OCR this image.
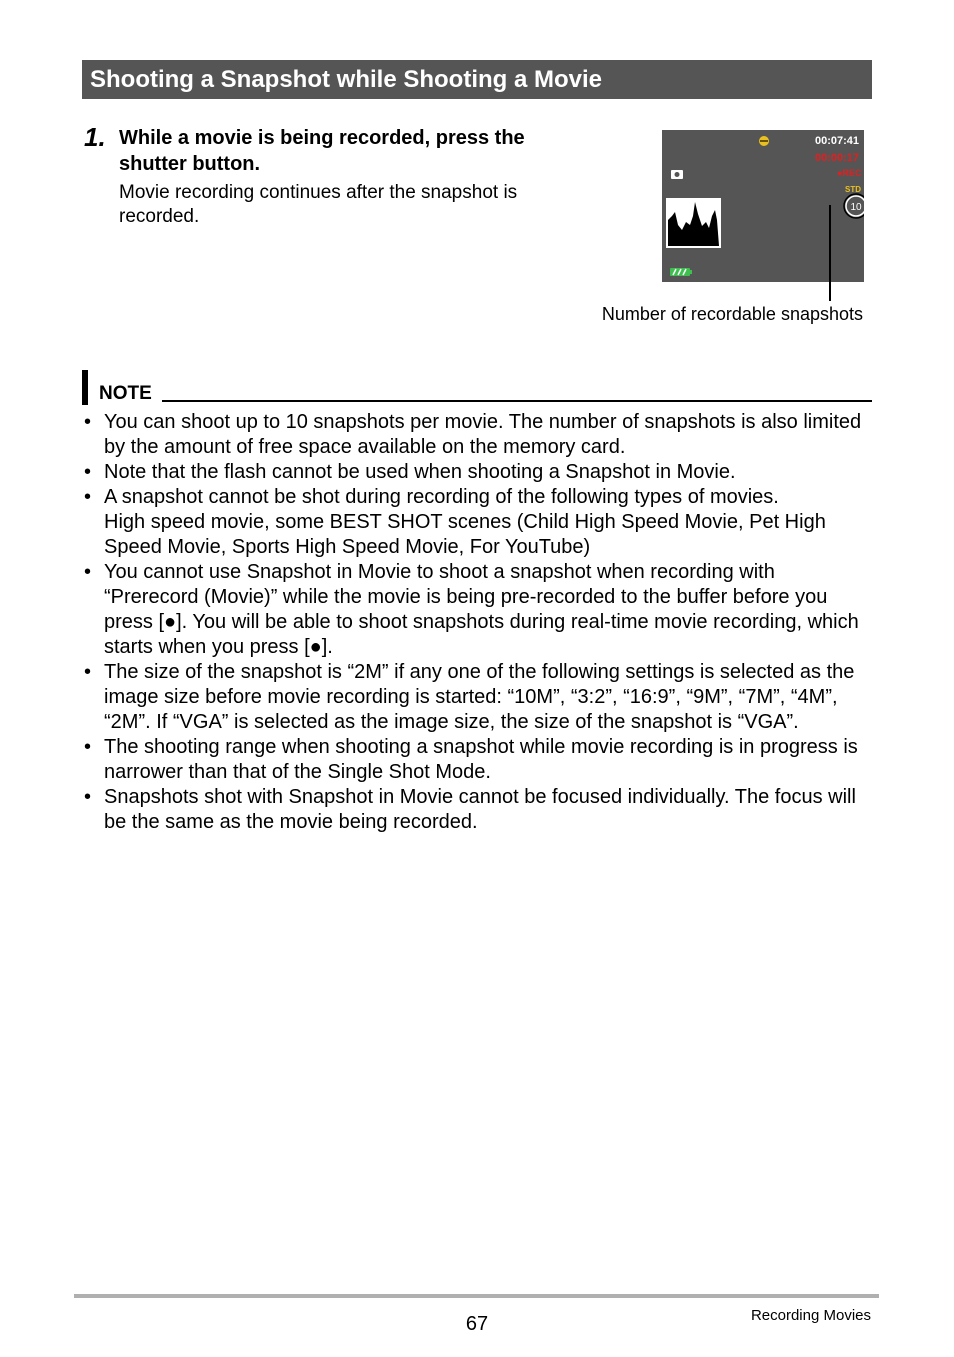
Shooting a Snapshot while Shooting a Movie
1. While a movie is being recorded, press the shutter button.
Movie recording continues after the snapshot is recorded.
00:07:41
00:00:17
●REC
STD
10
Number of recordable snapshots
NOTE
• You can shoot up to 10 snapshots per movie. The number of snapshots is also limited by the amount of free space available on the memory card.
• Note that the flash cannot be used when shooting a Snapshot in Movie.
• A snapshot cannot be shot during recording of the following types of movies.
High speed movie, some BEST SHOT scenes (Child High Speed Movie, Pet High Speed Movie, Sports High Speed Movie, For YouTube)
• You cannot use Snapshot in Movie to shoot a snapshot when recording with “Prerecord (Movie)” while the movie is being pre-recorded to the buffer before you press [●]. You will be able to shoot snapshots during real-time movie recording, which starts when you press [●].
• The size of the snapshot is “2M” if any one of the following settings is selected as the image size before movie recording is started: “10M”, “3:2”, “16:9”, “9M”, “7M”, “4M”, “2M”. If “VGA” is selected as the image size, the size of the snapshot is “VGA”.
• The shooting range when shooting a snapshot while movie recording is in progress is narrower than that of the Single Shot Mode.
• Snapshots shot with Snapshot in Movie cannot be focused individually. The focus will be the same as the movie being recorded.
67	Recording Movies
